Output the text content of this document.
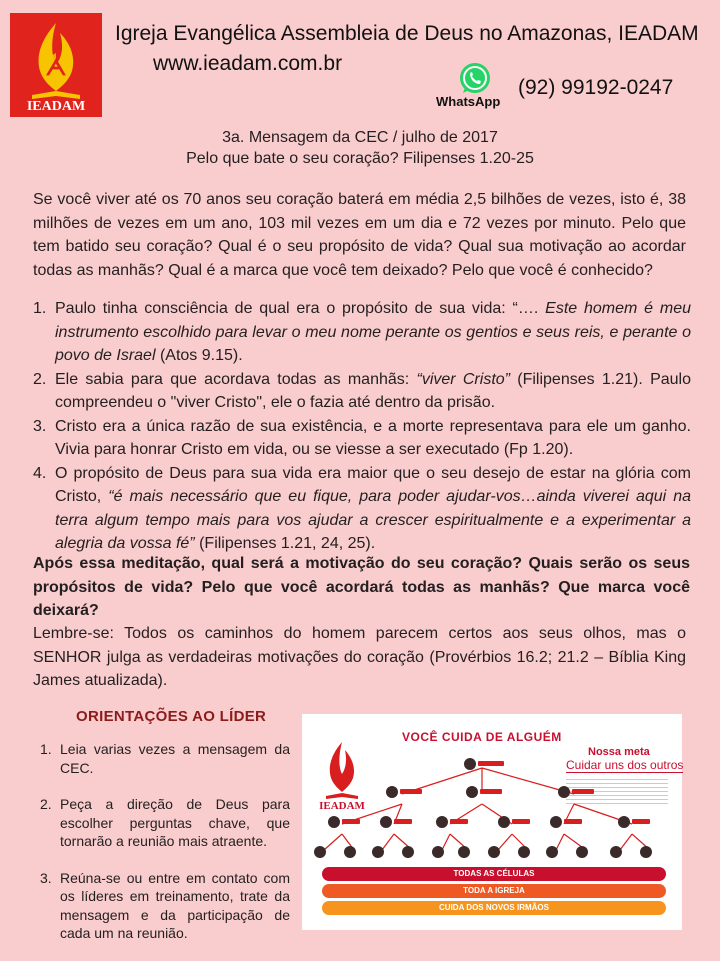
ᗅ
IEADAM
Igreja Evangélica Assembleia de Deus no Amazonas, IEADAM
www.ieadam.com.br
WhatsApp
(92) 99192-0247
3a. Mensagem da CEC / julho de 2017
Pelo que bate o seu coração? Filipenses 1.20-25
Se você viver até os 70 anos seu coração baterá em média 2,5 bilhões de vezes, isto é, 38 milhões de vezes em um ano, 103 mil vezes em um dia e 72 vezes por minuto. Pelo que tem batido seu coração? Qual é o seu propósito de vida? Qual sua motivação ao acordar todas as manhãs? Qual é a marca que você tem deixado? Pelo que você é conhecido?
1. Paulo tinha consciência de qual era o propósito de sua vida: “…. Este homem é meu instrumento escolhido para levar o meu nome perante os gentios e seus reis, e perante o povo de Israel (Atos 9.15).
2. Ele sabia para que acordava todas as manhãs: “viver Cristo” (Filipenses 1.21). Paulo compreendeu o "viver Cristo", ele o fazia até dentro da prisão.
3. Cristo era a única razão de sua existência, e a morte representava para ele um ganho. Vivia para honrar Cristo em vida, ou se viesse a ser executado (Fp 1.20).
4. O propósito de Deus para sua vida era maior que o seu desejo de estar na glória com Cristo, “é mais necessário que eu fique, para poder ajudar-vos…ainda viverei aqui na terra algum tempo mais para vos ajudar a crescer espiritualmente e a experimentar a alegria da vossa fé” (Filipenses 1.21, 24, 25).
Após essa meditação, qual será a motivação do seu coração? Quais serão os seus propósitos de vida? Pelo que você acordará todas as manhãs? Que marca você deixará?
Lembre-se: Todos os caminhos do homem parecem certos aos seus olhos, mas o SENHOR julga as verdadeiras motivações do coração (Provérbios 16.2; 21.2 – Bíblia King James atualizada).
ORIENTAÇÕES AO LÍDER
1. Leia varias vezes a mensagem da CEC.
2. Peça a direção de Deus para escolher perguntas chave, que tornarão a reunião mais atraente.
3. Reúna-se ou entre em contato com os líderes em treinamento, trate da mensagem e da participação de cada um na reunião.
VOCÊ CUIDA DE ALGUÉM
IEADAM
Nossa meta
Cuidar uns dos outros
TODAS AS CÉLULAS
TODA A IGREJA
CUIDA DOS NOVOS IRMÃOS
